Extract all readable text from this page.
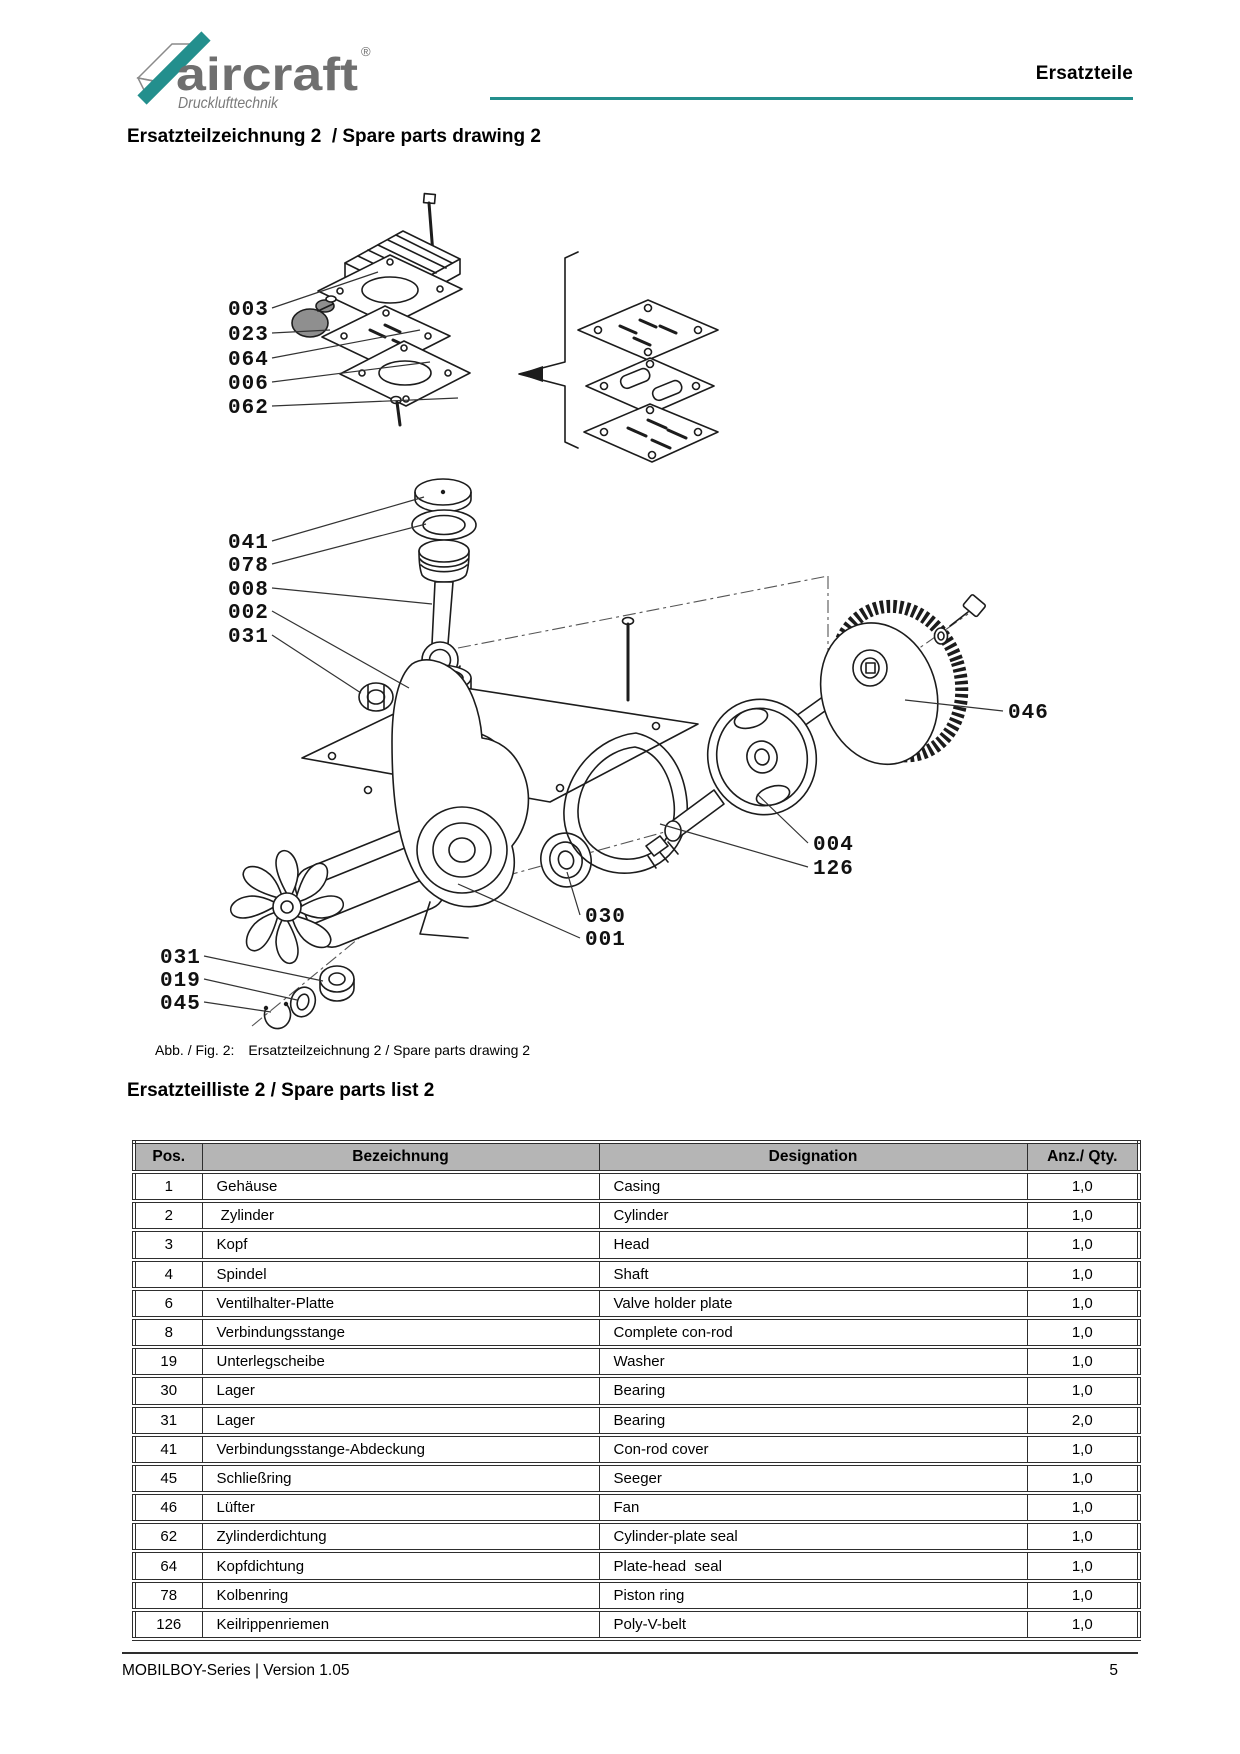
aircraft ®
Drucklufttechnik
Ersatzteile
Ersatzteilzeichnung 2  / Spare parts drawing 2
003
023
064
006
062
041
078
008
002
031
046
004
126
030
001
031
019
045
Abb. / Fig. 2: Ersatzteilzeichnung 2 / Spare parts drawing 2
Ersatzteilliste 2 / Spare parts list 2
Pos.	Bezeichnung	Designation	Anz./ Qty.
1	Gehäuse	Casing	1,0
2	Zylinder	Cylinder	1,0
3	Kopf	Head	1,0
4	Spindel	Shaft	1,0
6	Ventilhalter-Platte	Valve holder plate	1,0
8	Verbindungsstange	Complete con-rod	1,0
19	Unterlegscheibe	Washer	1,0
30	Lager	Bearing	1,0
31	Lager	Bearing	2,0
41	Verbindungsstange-Abdeckung	Con-rod cover	1,0
45	Schließring	Seeger	1,0
46	Lüfter	Fan	1,0
62	Zylinderdichtung	Cylinder-plate seal	1,0
64	Kopfdichtung	Plate-head  seal	1,0
78	Kolbenring	Piston ring	1,0
126	Keilrippenriemen	Poly-V-belt	1,0
MOBILBOY-Series | Version 1.05	5
